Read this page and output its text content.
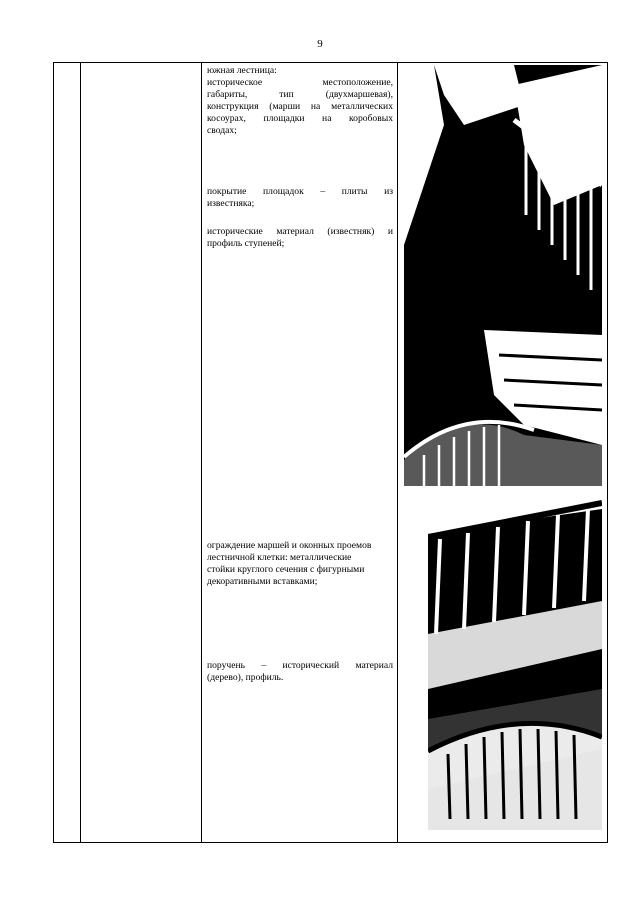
9
южная лестница:
историческое местоположение,
габариты, тип (двухмаршевая),
конструкция (марши на металлических
косоурах, площадки на коробовых
сводах;
покрытие площадок – плиты из
известняка;
исторические материал (известняк) и
профиль ступеней;
ограждение маршей и оконных проемов
лестничной клетки: металлические
стойки круглого сечения с фигурными
декоративными вставками;
поручень – исторический материал
(дерево), профиль.
